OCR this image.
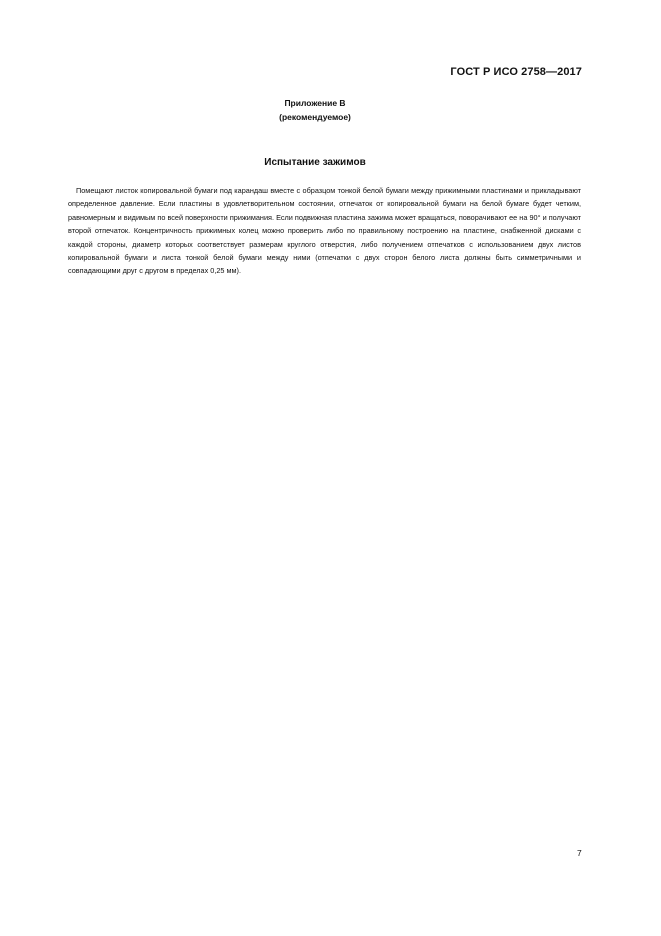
ГОСТ Р ИСО 2758—2017
Приложение В
(рекомендуемое)
Испытание зажимов

Помещают листок копировальной бумаги под карандаш вместе с образцом тонкой белой бумаги между прижимными пластинами и прикладывают определенное давление. Если пластины в удовлетворительном состоянии, отпечаток от копировальной бумаги на белой бумаге будет четким, равномерным и видимым по всей поверхности прижимания. Если подвижная пластина зажима может вращаться, поворачивают ее на 90° и получают второй отпечаток. Концентричность прижимных колец можно проверить либо по правильному построению на пластине, снабженной дисками с каждой стороны, диаметр которых соответствует размерам круглого отверстия, либо получением отпечатков с использованием двух листов копировальной бумаги и листа тонкой белой бумаги между ними (отпечатки с двух сторон белого листа должны быть симметричными и совпадающими друг с другом в пределах 0,25 мм).

7
